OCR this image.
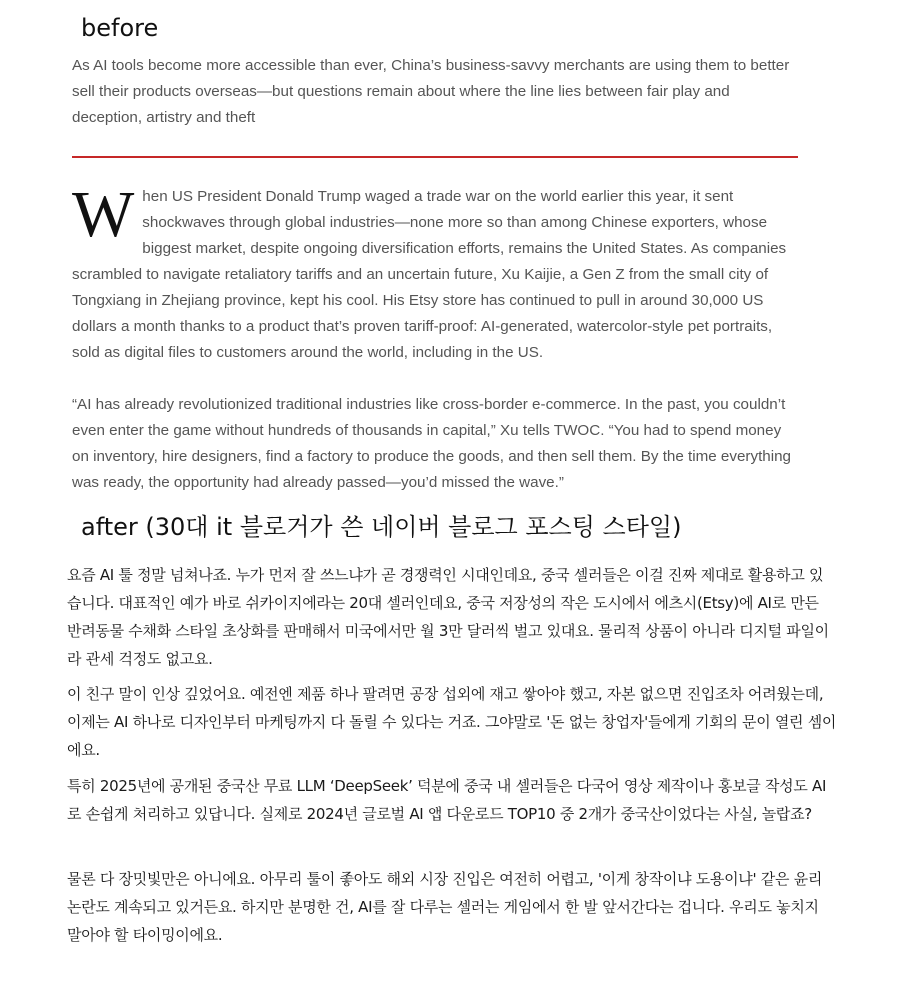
before

As AI tools become more accessible than ever, China’s business-savvy merchants are using them to better sell their products overseas—but questions remain about where the line lies between fair play and deception, artistry and theft

When US President Donald Trump waged a trade war on the world earlier this year, it sent shockwaves through global industries—none more so than among Chinese exporters, whose biggest market, despite ongoing diversification efforts, remains the United States. As companies scrambled to navigate retaliatory tariffs and an uncertain future, Xu Kaijie, a Gen Z from the small city of Tongxiang in Zhejiang province, kept his cool. His Etsy store has continued to pull in around 30,000 US dollars a month thanks to a product that’s proven tariff-proof: AI-generated, watercolor-style pet portraits, sold as digital files to customers around the world, including in the US.

“AI has already revolutionized traditional industries like cross-border e-commerce. In the past, you couldn’t even enter the game without hundreds of thousands in capital,” Xu tells TWOC. “You had to spend money on inventory, hire designers, find a factory to produce the goods, and then sell them. By the time everything was ready, the opportunity had already passed—you’d missed the wave.”

after (30대 it 블로거가 쓴 네이버 블로그 포스팅 스타일)

요즘 AI 툴 정말 넘쳐나죠. 누가 먼저 잘 쓰느냐가 곧 경쟁력인 시대인데요, 중국 셀러들은 이걸 진짜 제대로 활용하고 있습니다. 대표적인 예가 바로 쉬카이지에라는 20대 셀러인데요, 중국 저장성의 작은 도시에서 에츠시(Etsy)에 AI로 만든 반려동물 수채화 스타일 초상화를 판매해서 미국에서만 월 3만 달러씩 벌고 있대요. 물리적 상품이 아니라 디지털 파일이라 관세 걱정도 없고요.

이 친구 말이 인상 깊었어요. 예전엔 제품 하나 팔려면 공장 섭외에 재고 쌓아야 했고, 자본 없으면 진입조차 어려웠는데, 이제는 AI 하나로 디자인부터 마케팅까지 다 돌릴 수 있다는 거죠. 그야말로 '돈 없는 창업자'들에게 기회의 문이 열린 셈이에요.

특히 2025년에 공개된 중국산 무료 LLM ‘DeepSeek’ 덕분에 중국 내 셀러들은 다국어 영상 제작이나 홍보글 작성도 AI로 손쉽게 처리하고 있답니다. 실제로 2024년 글로벌 AI 앱 다운로드 TOP10 중 2개가 중국산이었다는 사실, 놀랍죠?

물론 다 장밋빛만은 아니에요. 아무리 툴이 좋아도 해외 시장 진입은 여전히 어렵고, '이게 창작이냐 도용이냐' 같은 윤리 논란도 계속되고 있거든요. 하지만 분명한 건, AI를 잘 다루는 셀러는 게임에서 한 발 앞서간다는 겁니다. 우리도 놓치지 말아야 할 타이밍이에요.
